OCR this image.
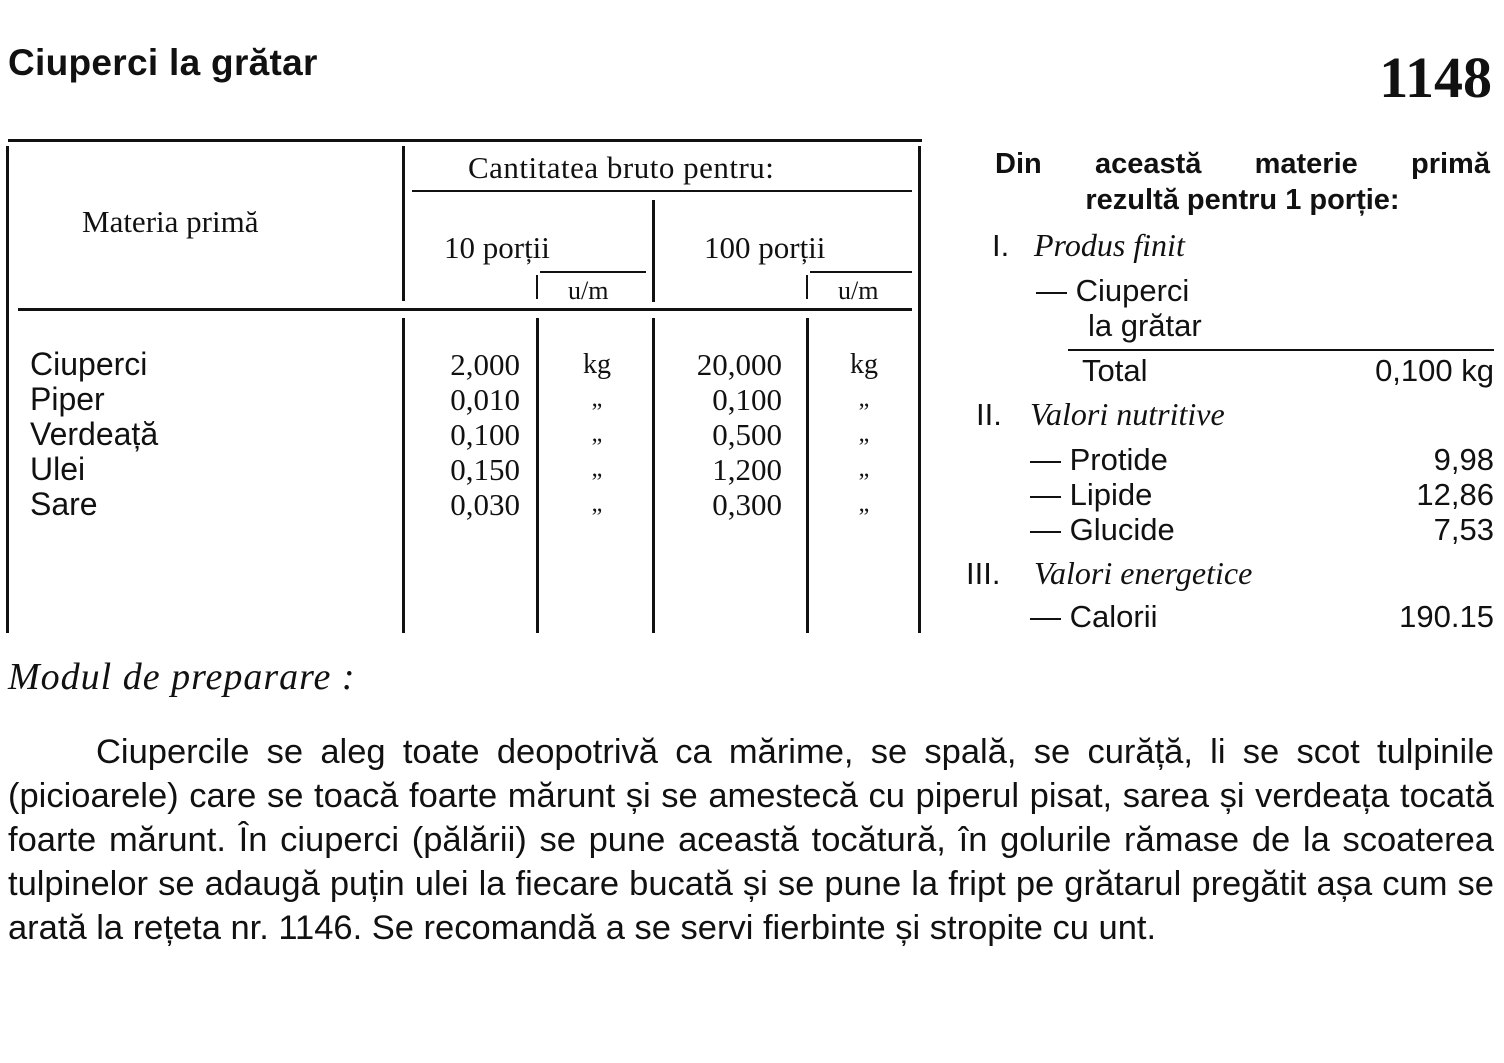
Ciuperci la grătar	1148
Materia primă
Cantitatea bruto pentru:
10 porții	100 porții
u/m	u/m
Ciuperci	2,000	kg	20,000	kg
Piper	0,010	„	0,100	„
Verdeață	0,100	„	0,500	„
Ulei	0,150	„	1,200	„
Sare	0,030	„	0,300	„
Din această materie primă
rezultă pentru 1 porție:
I. Produs finit
— Ciuperci
la grătar
Total	0,100 kg
II. Valori nutritive
— Protide	9,98
— Lipide	12,86
— Glucide	7,53
III. Valori energetice
— Calorii	190.15
Modul de preparare :
Ciupercile se aleg toate deopotrivă ca mărime, se spală, se curăță, li se scot tulpinile (picioarele) care se toacă foarte mărunt și se amestecă cu piperul pisat, sarea și verdeața tocată foarte mărunt. În ciuperci (pălării) se pune această tocătură, în golurile rămase de la scoaterea tulpinelor se adaugă puțin ulei la fiecare bucată și se pune la fript pe grătarul pregătit așa cum se arată la rețeta nr. 1146. Se recomandă a se servi fierbinte și stropite cu unt.
